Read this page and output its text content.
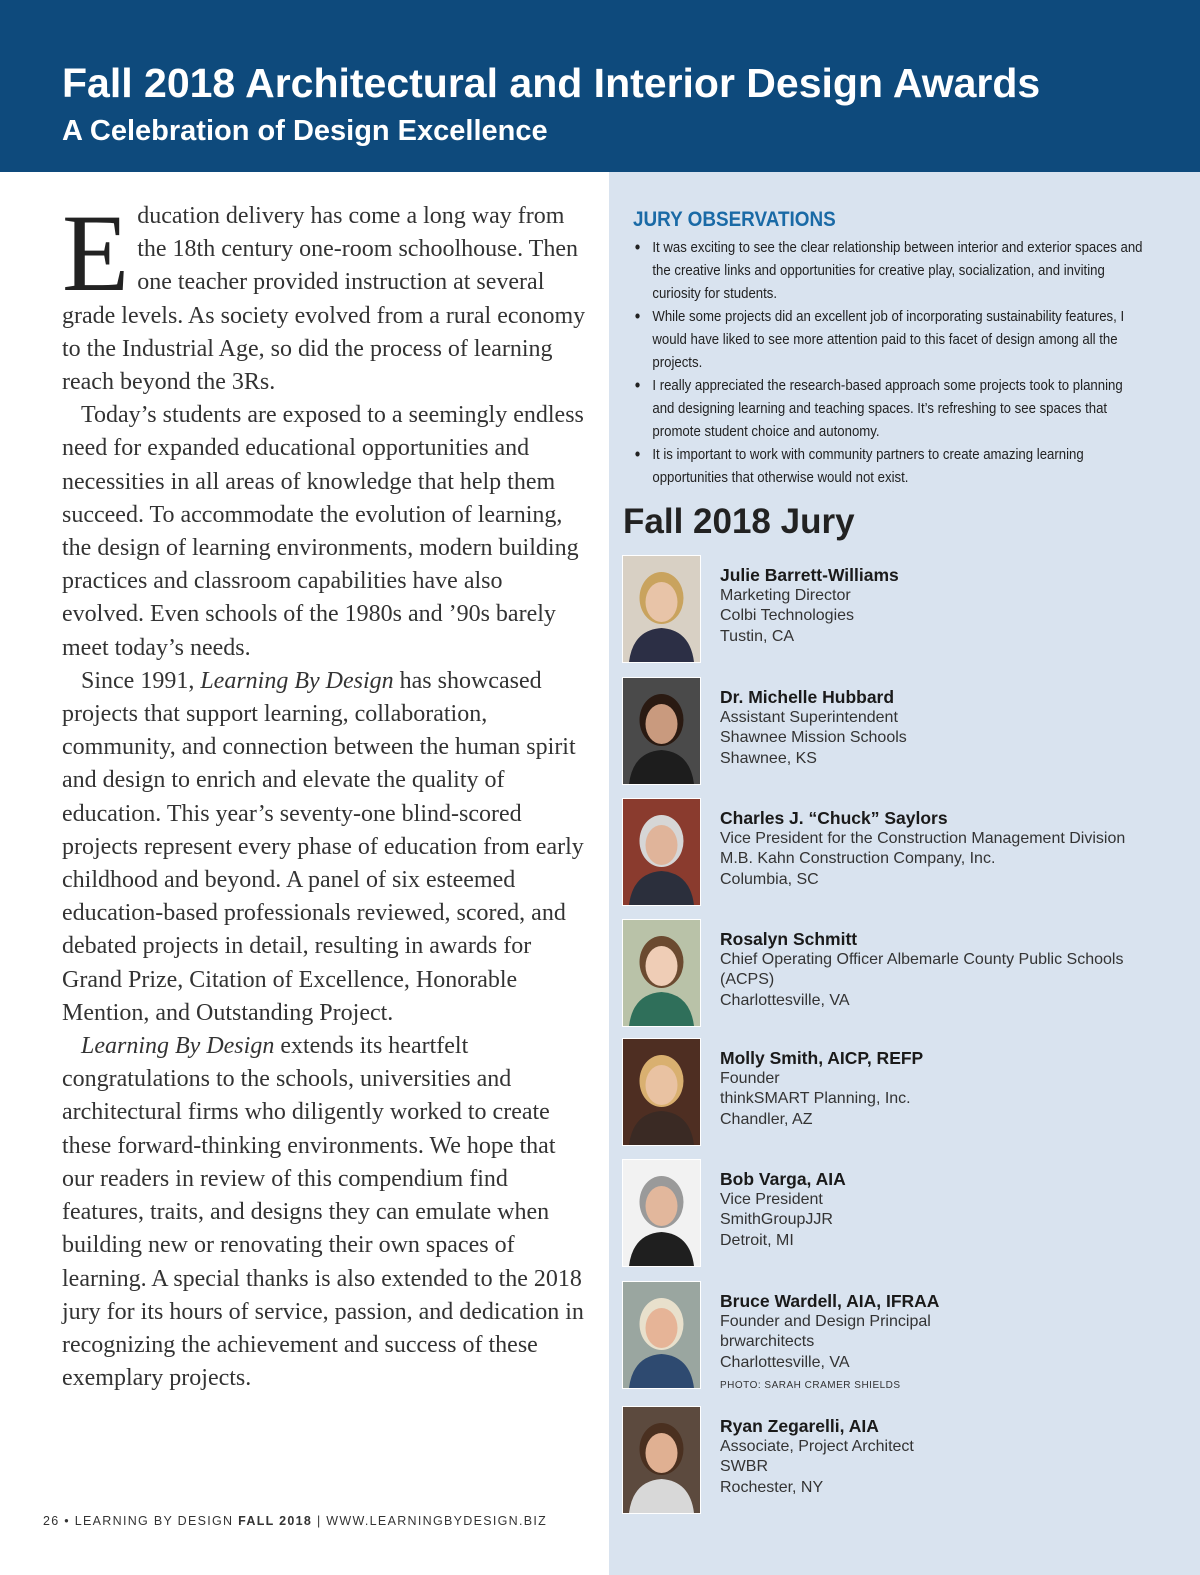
Fall 2018 Architectural and Interior Design Awards
A Celebration of Design Excellence

Education delivery has come a long way from the 18th century one-room schoolhouse. Then one teacher provided instruction at several grade levels. As society evolved from a rural economy to the Industrial Age, so did the process of learning reach beyond the 3Rs.

Today’s students are exposed to a seemingly endless need for expanded educational opportunities and necessities in all areas of knowledge that help them succeed. To accommodate the evolution of learning, the design of learning environments, modern building practices and classroom capabilities have also evolved. Even schools of the 1980s and ’90s barely meet today’s needs.

Since 1991, Learning By Design has showcased projects that support learning, collaboration, community, and connection between the human spirit and design to enrich and elevate the quality of education. This year’s seventy-one blind-scored projects represent every phase of education from early childhood and beyond. A panel of six esteemed education-based professionals reviewed, scored, and debated projects in detail, resulting in awards for Grand Prize, Citation of Excellence, Honorable Mention, and Outstanding Project.

Learning By Design extends its heartfelt congratulations to the schools, universities and architectural firms who diligently worked to create these forward-thinking environments. We hope that our readers in review of this compendium find features, traits, and designs they can emulate when building new or renovating their own spaces of learning. A special thanks is also extended to the 2018 jury for its hours of service, passion, and dedication in recognizing the achievement and success of these exemplary projects.

26 • LEARNING BY DESIGN FALL 2018 | WWW.LEARNINGBYDESIGN.BIZ
JURY OBSERVATIONS
• It was exciting to see the clear relationship between interior and exterior spaces and the creative links and opportunities for creative play, socialization, and inviting curiosity for students.
• While some projects did an excellent job of incorporating sustainability features, I would have liked to see more attention paid to this facet of design among all the projects.
• I really appreciated the research-based approach some projects took to planning and designing learning and teaching spaces. It’s refreshing to see spaces that promote student choice and autonomy.
• It is important to work with community partners to create amazing learning opportunities that otherwise would not exist.
Fall 2018 Jury
Julie Barrett-Williams
Marketing Director
Colbi Technologies
Tustin, CA
Dr. Michelle Hubbard
Assistant Superintendent
Shawnee Mission Schools
Shawnee, KS
Charles J. “Chuck” Saylors
Vice President for the Construction Management Division
M.B. Kahn Construction Company, Inc.
Columbia, SC
Rosalyn Schmitt
Chief Operating Officer Albemarle County Public Schools
(ACPS)
Charlottesville, VA
Molly Smith, AICP, REFP
Founder
thinkSMART Planning, Inc.
Chandler, AZ
Bob Varga, AIA
Vice President
SmithGroupJJR
Detroit, MI
Bruce Wardell, AIA, IFRAA
Founder and Design Principal
brwarchitects
Charlottesville, VA
PHOTO: SARAH CRAMER SHIELDS
Ryan Zegarelli, AIA
Associate, Project Architect
SWBR
Rochester, NY
